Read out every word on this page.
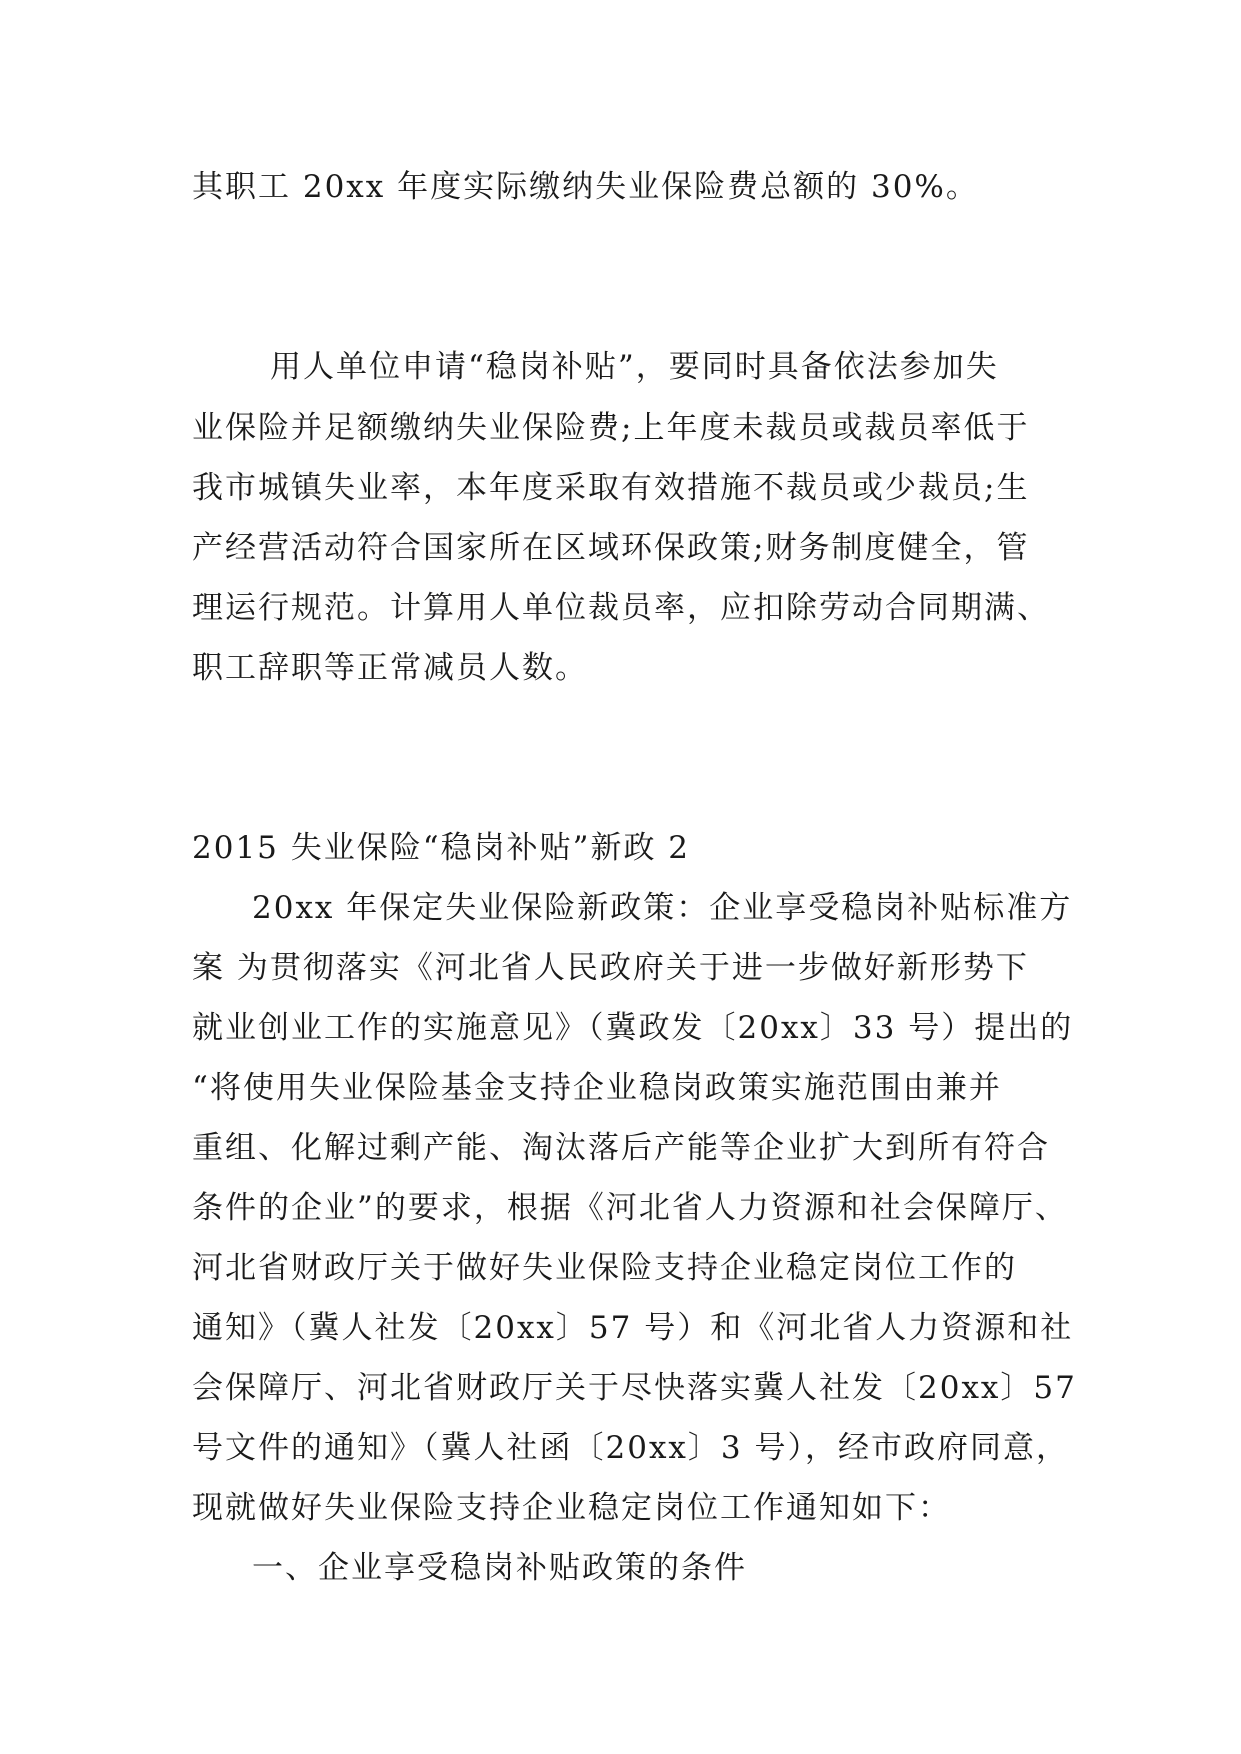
其职工 20xx 年度实际缴纳失业保险费总额的 30%。
用人单位申请“稳岗补贴”，要同时具备依法参加失
业保险并足额缴纳失业保险费;上年度未裁员或裁员率低于
我市城镇失业率，本年度采取有效措施不裁员或少裁员;生
产经营活动符合国家所在区域环保政策;财务制度健全，管
理运行规范。计算用人单位裁员率，应扣除劳动合同期满、
职工辞职等正常减员人数。
2015 失业保险“稳岗补贴”新政 2
20xx 年保定失业保险新政策：企业享受稳岗补贴标准方
案 为贯彻落实《河北省人民政府关于进一步做好新形势下
就业创业工作的实施意见》（冀政发〔20xx〕33 号）提出的
“将使用失业保险基金支持企业稳岗政策实施范围由兼并
重组、化解过剩产能、淘汰落后产能等企业扩大到所有符合
条件的企业”的要求，根据《河北省人力资源和社会保障厅、
河北省财政厅关于做好失业保险支持企业稳定岗位工作的
通知》（冀人社发〔20xx〕57 号）和《河北省人力资源和社
会保障厅、河北省财政厅关于尽快落实冀人社发〔20xx〕57
号文件的通知》（冀人社函〔20xx〕3 号），经市政府同意，
现就做好失业保险支持企业稳定岗位工作通知如下：
一、企业享受稳岗补贴政策的条件
